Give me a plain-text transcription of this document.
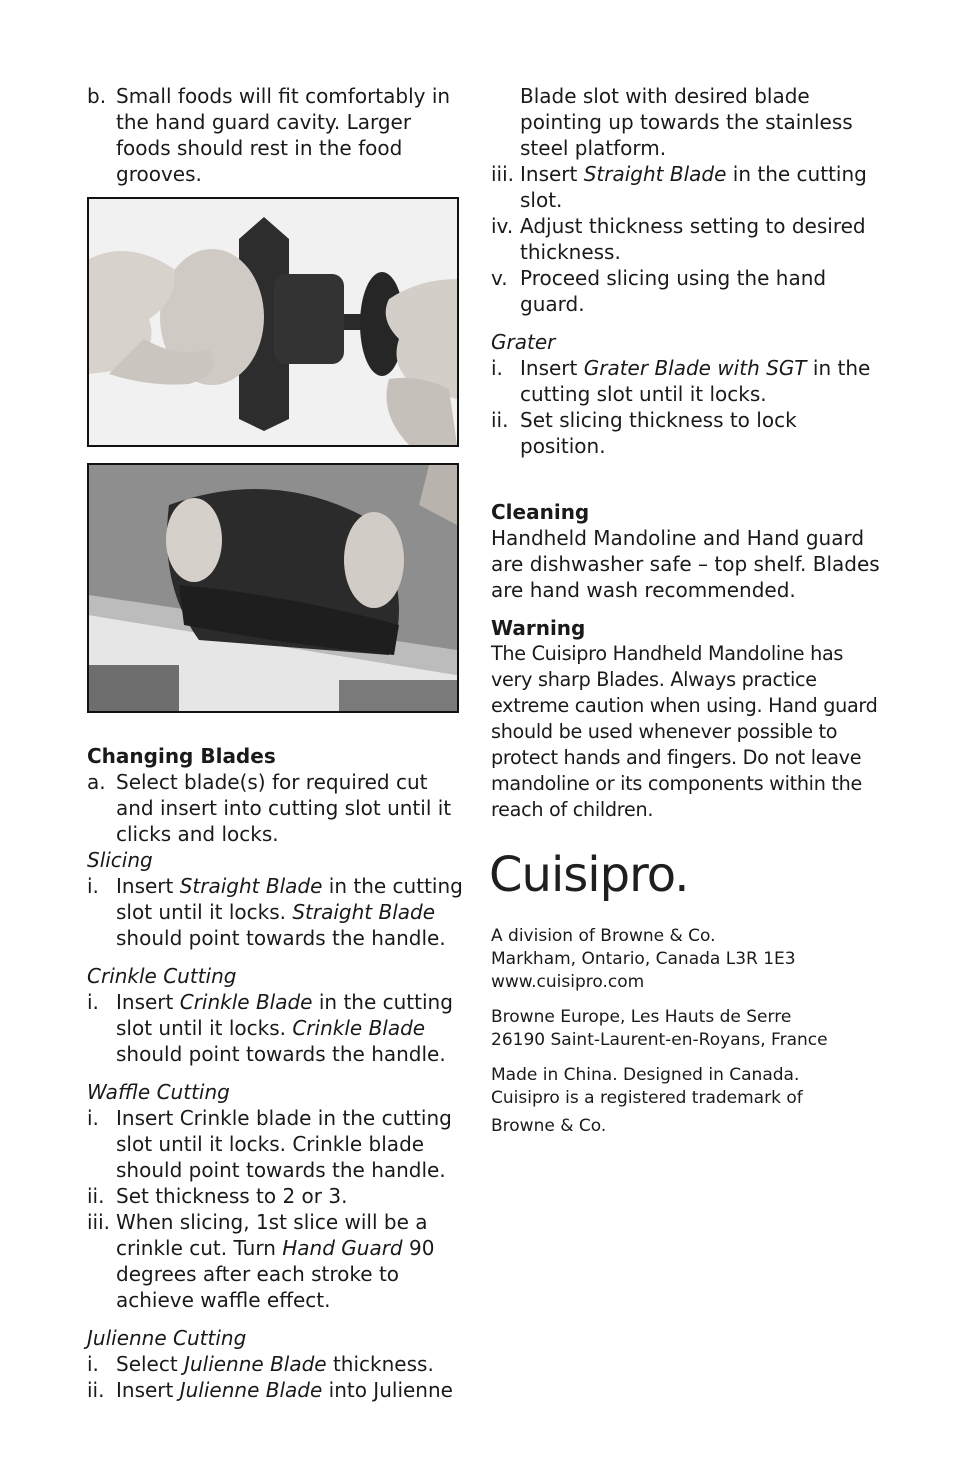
b. Small foods will fit comfortably in the hand guard cavity. Larger foods should rest in the food grooves.
Changing Blades
a. Select blade(s) for required cut and insert into cutting slot until it clicks and locks.
Slicing
i. Insert Straight Blade in the cutting slot until it locks. Straight Blade should point towards the handle.
Crinkle Cutting
i. Insert Crinkle Blade in the cutting slot until it locks. Crinkle Blade should point towards the handle.
Waffle Cutting
i. Insert Crinkle blade in the cutting slot until it locks. Crinkle blade should point towards the handle.
ii. Set thickness to 2 or 3.
iii. When slicing, 1st slice will be a crinkle cut. Turn Hand Guard 90 degrees after each stroke to achieve waffle effect.
Julienne Cutting
i. Select Julienne Blade thickness.
ii. Insert Julienne Blade into Julienne
Blade slot with desired blade pointing up towards the stainless steel platform.
iii. Insert Straight Blade in the cutting slot.
iv. Adjust thickness setting to desired thickness.
v. Proceed slicing using the hand guard.
Grater
i. Insert Grater Blade with SGT in the cutting slot until it locks.
ii. Set slicing thickness to lock position.
Cleaning
Handheld Mandoline and Hand guard are dishwasher safe – top shelf. Blades are hand wash recommended.
Warning
The Cuisipro Handheld Mandoline has very sharp Blades. Always practice extreme caution when using. Hand guard should be used whenever possible to protect hands and fingers. Do not leave mandoline or its components within the reach of children.
Cuisipro.

A division of Browne & Co.

Markham, Ontario, Canada L3R 1E3

www.cuisipro.com

Browne Europe, Les Hauts de Serre

26190 Saint-Laurent-en-Royans, France

Made in China. Designed in Canada.

Cuisipro is a registered trademark of

Browne & Co.
